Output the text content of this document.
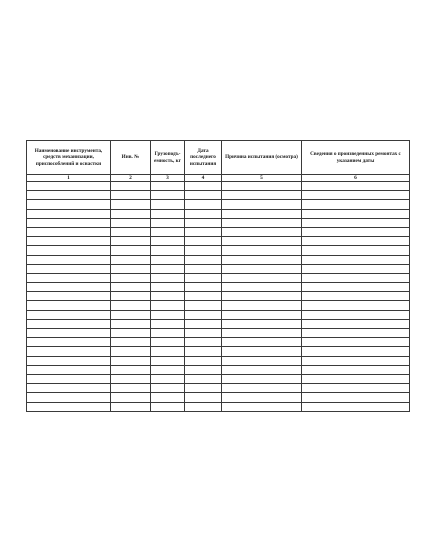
Наименование инструмента, средств механизации, приспособлений и оснастки	Инв. №	Грузоподъ- емность, кг	Дата последнего испытания	Причина испытания (осмотра)	Сведения о произведенных ремонтах с указанием даты
1	2	3	4	5	6
